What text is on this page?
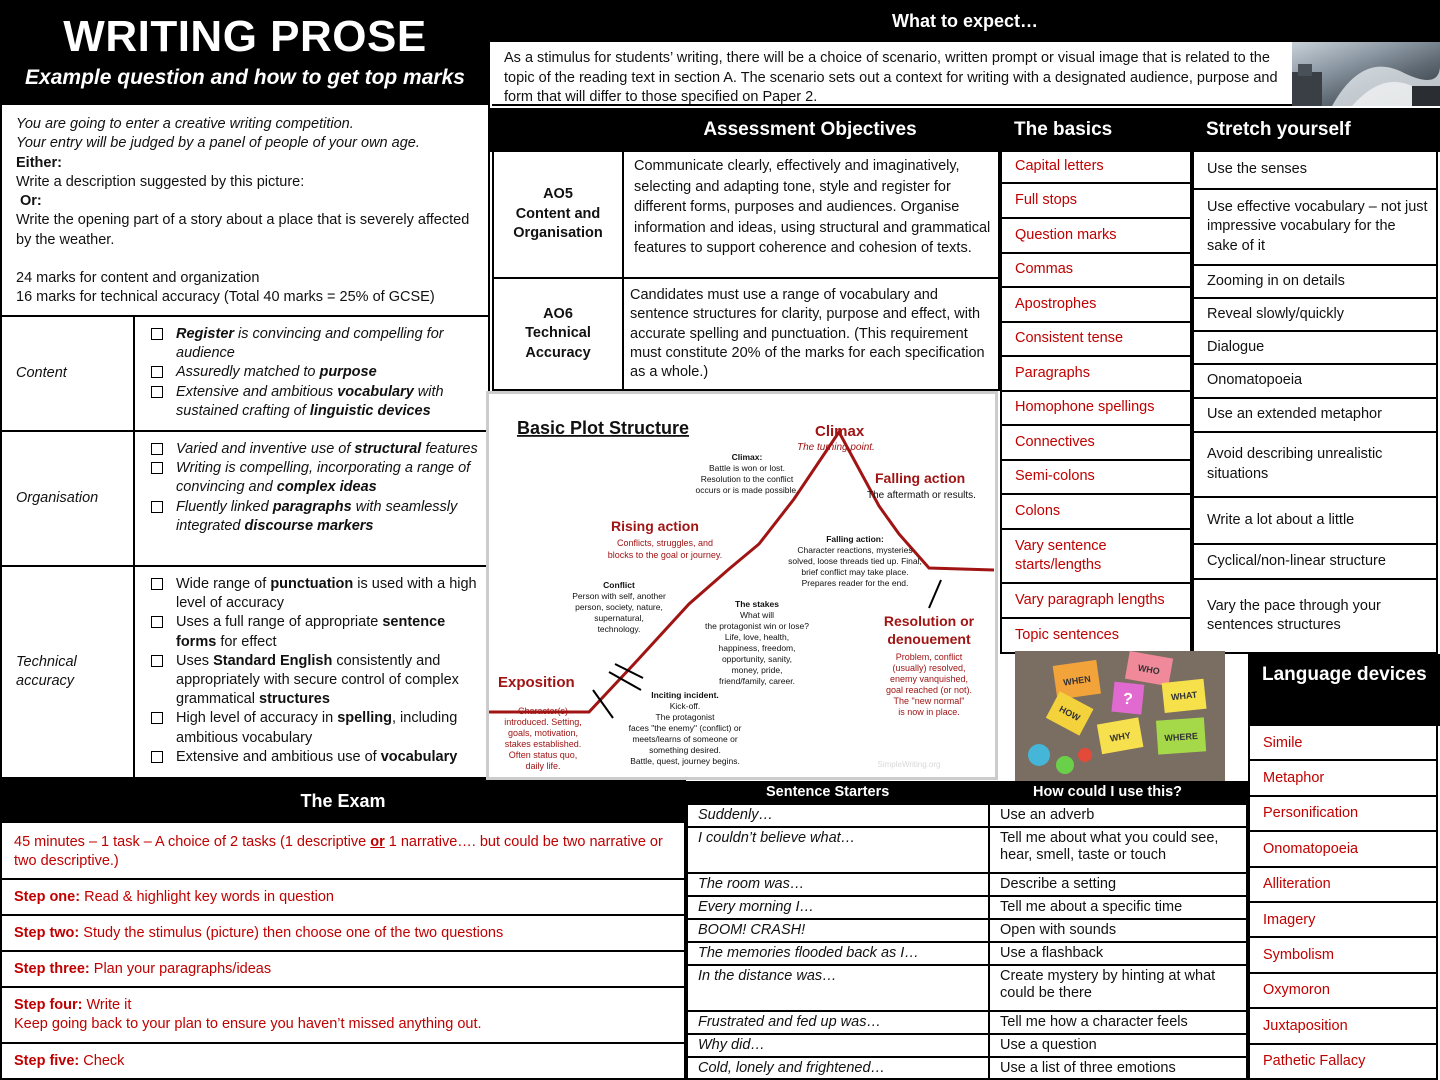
WRITING PROSE
Example question and how to get top marks
You are going to enter a creative writing competition.
Your entry will be judged by a panel of people of your own age.
Either:
Write a description suggested by this picture:
Or:
Write the opening part of a story about a place that is severely affected by the weather.
24 marks for content and organization
16 marks for technical accuracy (Total 40 marks = 25% of GCSE)
Content
Register is convincing and compelling for audience
Assuredly matched to purpose
Extensive and ambitious vocabulary with sustained crafting of linguistic devices
Organisation
Varied and inventive use of structural features
Writing is compelling, incorporating a range of convincing and complex ideas
Fluently linked paragraphs with seamlessly integrated discourse markers
Technical accuracy
Wide range of punctuation is used with a high level of accuracy
Uses a full range of appropriate sentence forms for effect
Uses Standard English consistently and appropriately with secure control of complex grammatical structures
High level of accuracy in spelling, including ambitious vocabulary
Extensive and ambitious use of vocabulary
The Exam
45 minutes – 1 task – A choice of 2 tasks (1 descriptive or 1 narrative…. but could be two narrative or two descriptive.)
Step one: Read & highlight key words in question
Step two: Study the stimulus (picture) then choose one of the two questions
Step three: Plan your paragraphs/ideas
Step four: Write it
Keep going back to your plan to ensure you haven’t missed anything out.
Step five: Check
What to expect…
As a stimulus for students’ writing, there will be a choice of scenario, written prompt or visual image that is related to the topic of the reading text in section A. The scenario sets out a context for writing with a designated audience, purpose and form that will differ to those specified on Paper 2.
Assessment Objectives
AO5
Content and
Organisation
Communicate clearly, effectively and imaginatively, selecting and adapting tone, style and register for different forms, purposes and audiences. Organise information and ideas, using structural and grammatical features to support coherence and cohesion of texts.
AO6
Technical
Accuracy
Candidates must use a range of vocabulary and sentence structures for clarity, purpose and effect, with accurate spelling and punctuation. (This requirement must constitute 20% of the marks for each specification as a whole.)
The basics
Capital letters
Full stops
Question marks
Commas
Apostrophes
Consistent tense
Paragraphs
Homophone spellings
Connectives
Semi-colons
Colons
Vary sentence starts/lengths
Vary paragraph lengths
Topic sentences
Stretch yourself
Use the senses
Use effective vocabulary – not just impressive vocabulary for the sake of it
Zooming in on details
Reveal slowly/quickly
Dialogue
Onomatopoeia
Use an extended metaphor
Avoid describing unrealistic situations
Write a lot about a little
Cyclical/non-linear structure
Vary the pace through your sentences structures
Language devices
Simile
Metaphor
Personification
Onomatopoeia
Alliteration
Imagery
Symbolism
Oxymoron
Juxtaposition
Pathetic Fallacy
Basic Plot Structure	Climax
The turning point.
Climax:
Battle is won or lost.
Resolution to the conflict
occurs or is made possible.
Falling action
The aftermath or results.
Falling action:
Character reactions, mysteries
solved, loose threads tied up. Final,
brief conflict may take place.
Prepares reader for the end.
Rising action
Conflicts, struggles, and
blocks to the goal or journey.
Conflict
Person with self, another
person, society, nature,
supernatural,
technology.
The stakes
What will
the protagonist win or lose?
Life, love, health,
happiness, freedom,
opportunity, sanity,
money, pride,
friend/family, career.
Resolution or
denouement
Problem, conflict
(usually) resolved,
enemy vanquished,
goal reached (or not).
The "new normal"
is now in place.
Exposition
Character(s)
introduced. Setting,
goals, motivation,
stakes established.
Often status quo,
daily life.
Inciting incident.
Kick-off.
The protagonist
faces "the enemy" (conflict) or
meets/learns of someone or
something desired.
Battle, quest, journey begins.	SimpleWriting.org
WHEN
WHO
HOW
WHAT
WHY	WHERE
?
Sentence Starters	How could I use this?
Suddenly…	Use an adverb
I couldn’t believe what…	Tell me about what you could see, hear, smell, taste or touch
The room was…	Describe a setting
Every morning I…	Tell me about a specific time
BOOM! CRASH!	Open with sounds
The memories flooded back as I…	Use a flashback
In the distance was…	Create mystery by hinting at what could be there
Frustrated and fed up was…	Tell me how a character feels
Why did…	Use a question
Cold, lonely and frightened…	Use a list of three emotions
